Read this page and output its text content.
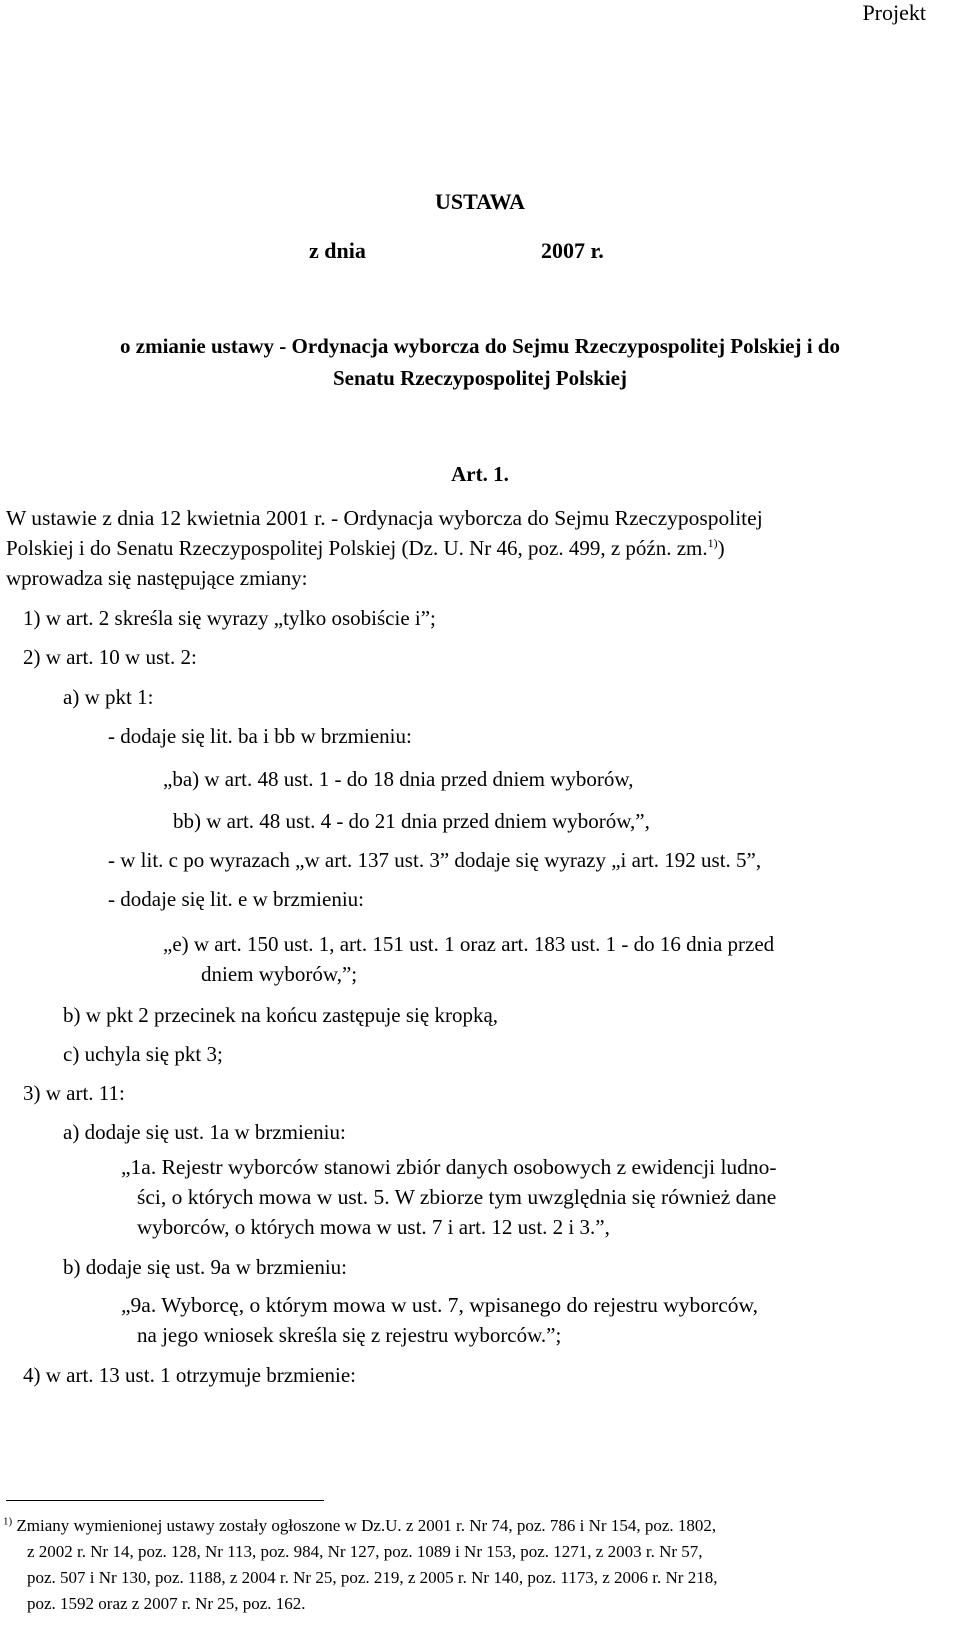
Projekt
USTAWA
z dnia	2007 r.
o zmianie ustawy - Ordynacja wyborcza do Sejmu Rzeczypospolitej Polskiej i do
Senatu Rzeczypospolitej Polskiej
Art. 1.
W ustawie z dnia 12 kwietnia 2001 r. - Ordynacja wyborcza do Sejmu Rzeczypospolitej
Polskiej i do Senatu Rzeczypospolitej Polskiej (Dz. U. Nr 46, poz. 499, z późn. zm.$^{1)}$)
wprowadza się następujące zmiany:
1) w art. 2 skreśla się wyrazy „tylko osobiście i”;
2) w art. 10 w ust. 2:
a) w pkt 1:
- dodaje się lit. ba i bb w brzmieniu:
„ba) w art. 48 ust. 1 - do 18 dnia przed dniem wyborów,
bb) w art. 48 ust. 4 - do 21 dnia przed dniem wyborów,”,
- w lit. c po wyrazach „w art. 137 ust. 3” dodaje się wyrazy „i art. 192 ust. 5”,
- dodaje się lit. e w brzmieniu:
„e) w art. 150 ust. 1, art. 151 ust. 1 oraz art. 183 ust. 1 - do 16 dnia przed
dniem wyborów,”;
b) w pkt 2 przecinek na końcu zastępuje się kropką,
c) uchyla się pkt 3;
3) w art. 11:
a) dodaje się ust. 1a w brzmieniu:
„1a. Rejestr wyborców stanowi zbiór danych osobowych z ewidencji ludno-
ści, o których mowa w ust. 5. W zbiorze tym uwzględnia się również dane
wyborców, o których mowa w ust. 7 i art. 12 ust. 2 i 3.”,
b) dodaje się ust. 9a w brzmieniu:
„9a. Wyborcę, o którym mowa w ust. 7, wpisanego do rejestru wyborców,
na jego wniosek skreśla się z rejestru wyborców.”;
4) w art. 13 ust. 1 otrzymuje brzmienie:
$^{1)}$ Zmiany wymienionej ustawy zostały ogłoszone w Dz.U. z 2001 r. Nr 74, poz. 786 i Nr 154, poz. 1802,
z 2002 r. Nr 14, poz. 128, Nr 113, poz. 984, Nr 127, poz. 1089 i Nr 153, poz. 1271, z 2003 r. Nr 57,
poz. 507 i Nr 130, poz. 1188, z 2004 r. Nr 25, poz. 219, z 2005 r. Nr 140, poz. 1173, z 2006 r. Nr 218,
poz. 1592 oraz z 2007 r. Nr 25, poz. 162.
